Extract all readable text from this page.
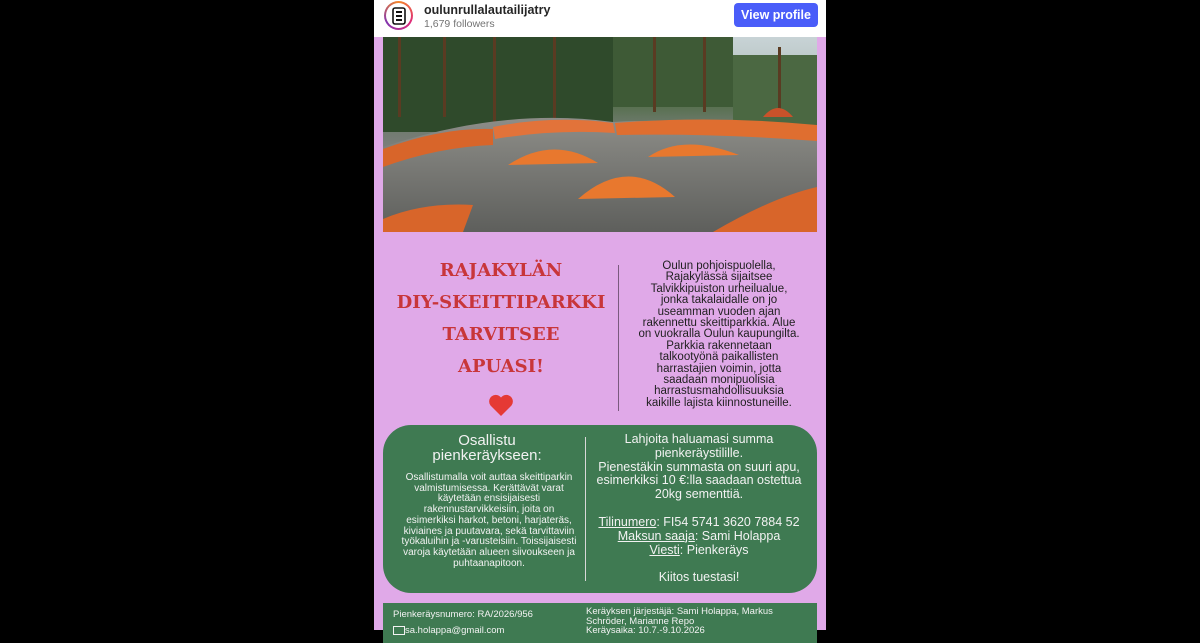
oulunrullalautailijatry
1,679 followers
View profile
RAJAKYLÄN
DIY-SKEITTIPARKKI
TARVITSEE
APUASI!
Oulun pohjoispuolella,
Rajakylässä sijaitsee
Talvikkipuiston urheilualue,
jonka takalaidalle on jo
useamman vuoden ajan
rakennettu skeittiparkkia. Alue
on vuokralla Oulun kaupungilta.
Parkkia rakennetaan
talkootyönä paikallisten
harrastajien voimin, jotta
saadaan monipuolisia
harrastusmahdollisuuksia
kaikille lajista kiinnostuneille.
Osallistu
pienkeräykseen:
Osallistumalla voit auttaa skeittiparkin
valmistumisessa. Kerättävät varat
käytetään ensisijaisesti
rakennustarvikkeisiin, joita on
esimerkiksi harkot, betoni, harjateräs,
kiviaines ja puutavara, sekä tarvittaviin
työkaluihin ja -varusteisiin. Toissijaisesti
varoja käytetään alueen siivoukseen ja
puhtaanapitoon.
Lahjoita haluamasi summa
pienkeräystilille.
Pienestäkin summasta on suuri apu,
esimerkiksi 10 €:lla saadaan ostettua
20kg sementtiä.
Tilinumero: FI54 5741 3620 7884 52
Maksun saaja: Sami Holappa
Viesti: Pienkeräys
Kiitos tuestasi!
Pienkeräysnumero: RA/2026/956
sa.holappa@gmail.com
Keräyksen järjestäjä: Sami Holappa, Markus
Schröder, Marianne Repo
Keräysaika: 10.7.-9.10.2026
